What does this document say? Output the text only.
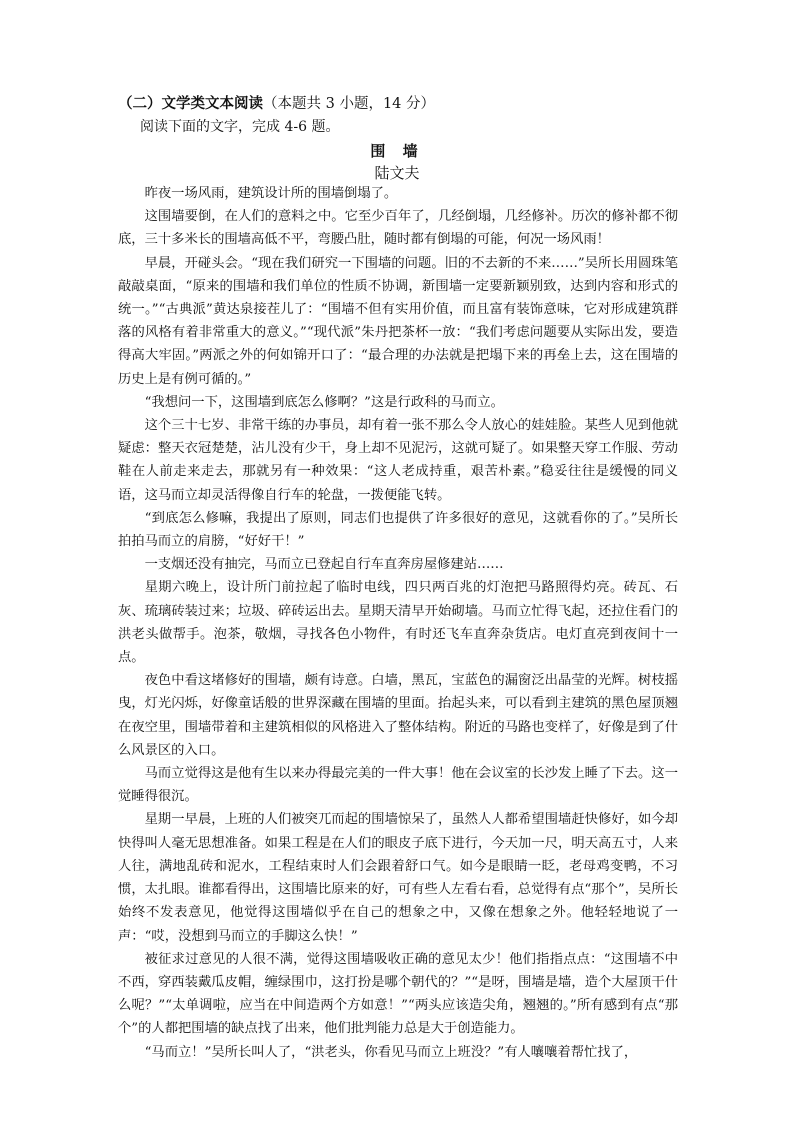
（二）文学类文本阅读（本题共 3 小题，14 分）
阅读下面的文字，完成 4-6 题。
围 墙
陆文夫

昨夜一场风雨，建筑设计所的围墙倒塌了。

这围墙要倒，在人们的意料之中。它至少百年了，几经倒塌，几经修补。历次的修补都不彻底，三十多米长的围墙高低不平，弯腰凸肚，随时都有倒塌的可能，何况一场风雨！

早晨，开碰头会。“现在我们研究一下围墙的问题。旧的不去新的不来……”吴所长用圆珠笔敲敲桌面，“原来的围墙和我们单位的性质不协调，新围墙一定要新颖别致，达到内容和形式的统一。”“古典派”黄达泉接茬儿了：“围墙不但有实用价值，而且富有装饰意味，它对形成建筑群落的风格有着非常重大的意义。”“现代派”朱丹把茶杯一放：“我们考虑问题要从实际出发，要造得高大牢固。”两派之外的何如锦开口了：“最合理的办法就是把塌下来的再垒上去，这在围墙的历史上是有例可循的。”

“我想问一下，这围墙到底怎么修啊？”这是行政科的马而立。

这个三十七岁、非常干练的办事员，却有着一张不那么令人放心的娃娃脸。某些人见到他就疑虑：整天衣冠楚楚，沾儿没有少干，身上却不见泥污，这就可疑了。如果整天穿工作服、劳动鞋在人前走来走去，那就另有一种效果：“这人老成持重，艰苦朴素。”稳妥往往是缓慢的同义语，这马而立却灵活得像自行车的轮盘，一拨便能飞转。

“到底怎么修嘛，我提出了原则，同志们也提供了许多很好的意见，这就看你的了。”吴所长拍拍马而立的肩膀，“好好干！”

一支烟还没有抽完，马而立已登起自行车直奔房屋修建站……

星期六晚上，设计所门前拉起了临时电线，四只两百兆的灯泡把马路照得灼亮。砖瓦、石灰、琉璃砖装过来；垃圾、碎砖运出去。星期天清早开始砌墙。马而立忙得飞起，还拉住看门的洪老头做帮手。泡茶，敬烟，寻找各色小物件，有时还飞车直奔杂货店。电灯直亮到夜间十一点。

夜色中看这堵修好的围墙，颇有诗意。白墙，黑瓦，宝蓝色的漏窗泛出晶莹的光辉。树枝摇曳，灯光闪烁，好像童话般的世界深藏在围墙的里面。抬起头来，可以看到主建筑的黑色屋顶翘在夜空里，围墙带着和主建筑相似的风格进入了整体结构。附近的马路也变样了，好像是到了什么风景区的入口。

马而立觉得这是他有生以来办得最完美的一件大事！他在会议室的长沙发上睡了下去。这一觉睡得很沉。

星期一早晨，上班的人们被突兀而起的围墙惊呆了，虽然人人都希望围墙赶快修好，如今却快得叫人毫无思想准备。如果工程是在人们的眼皮子底下进行，今天加一尺，明天高五寸，人来人往，满地乱砖和泥水，工程结束时人们会跟着舒口气。如今是眼睛一眨，老母鸡变鸭，不习惯，太扎眼。谁都看得出，这围墙比原来的好，可有些人左看右看，总觉得有点“那个”，吴所长始终不发表意见，他觉得这围墙似乎在自己的想象之中，又像在想象之外。他轻轻地说了一声：“哎，没想到马而立的手脚这么快！”

被征求过意见的人很不满，觉得这围墙吸收正确的意见太少！他们指指点点：“这围墙不中不西，穿西装戴瓜皮帽，缠绿围巾，这打扮是哪个朝代的？”“是呀，围墙是墙，造个大屋顶干什么呢？”“太单调啦，应当在中间造两个方如意！”“两头应该造尖角，翘翘的。”所有感到有点“那个”的人都把围墙的缺点找了出来，他们批判能力总是大于创造能力。

“马而立！”吴所长叫人了，“洪老头，你看见马而立上班没？”有人嚷嚷着帮忙找了，
